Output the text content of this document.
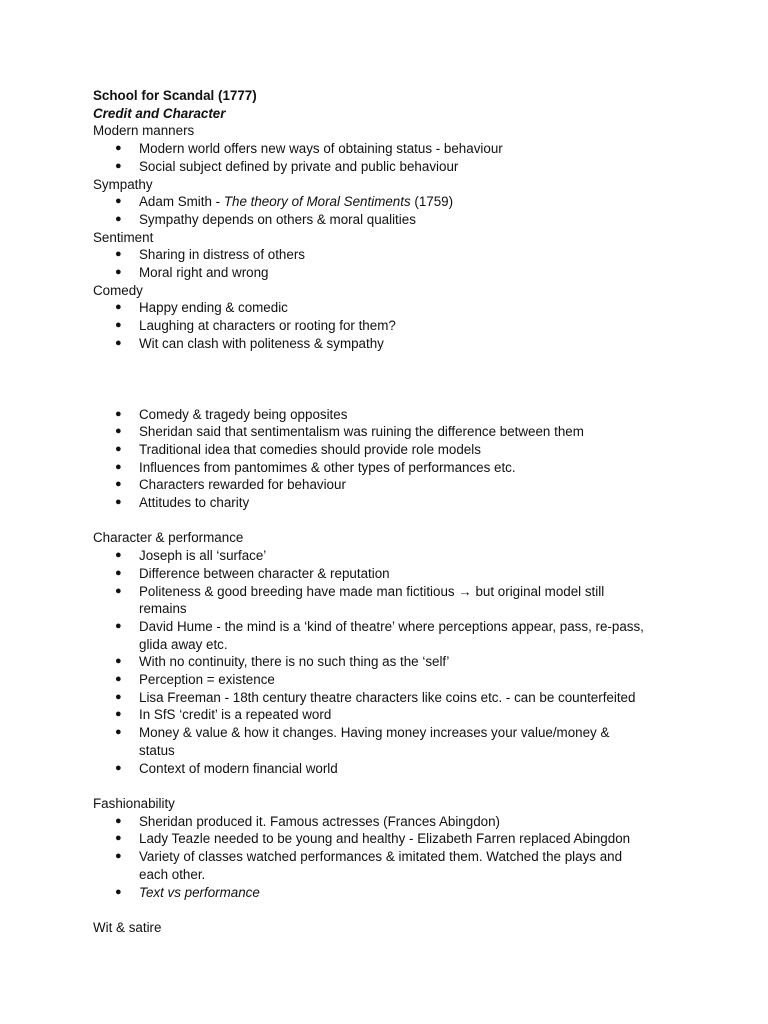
School for Scandal (1777)
Credit and Character
Modern manners
● Modern world offers new ways of obtaining status - behaviour
● Social subject defined by private and public behaviour
Sympathy
● Adam Smith - The theory of Moral Sentiments (1759)
● Sympathy depends on others & moral qualities
Sentiment
● Sharing in distress of others
● Moral right and wrong
Comedy
● Happy ending & comedic
● Laughing at characters or rooting for them?
● Wit can clash with politeness & sympathy
● Comedy & tragedy being opposites
● Sheridan said that sentimentalism was ruining the difference between them
● Traditional idea that comedies should provide role models
● Influences from pantomimes & other types of performances etc.
● Characters rewarded for behaviour
● Attitudes to charity
Character & performance
● Joseph is all ‘surface’
● Difference between character & reputation
● Politeness & good breeding have made man fictitious → but original model still
remains
● David Hume - the mind is a ‘kind of theatre’ where perceptions appear, pass, re-pass,
glida away etc.
● With no continuity, there is no such thing as the ‘self’
● Perception = existence
● Lisa Freeman - 18th century theatre characters like coins etc. - can be counterfeited
● In SfS ‘credit’ is a repeated word
● Money & value & how it changes. Having money increases your value/money &
status
● Context of modern financial world
Fashionability
● Sheridan produced it. Famous actresses (Frances Abingdon)
● Lady Teazle needed to be young and healthy - Elizabeth Farren replaced Abingdon
● Variety of classes watched performances & imitated them. Watched the plays and
each other.
● Text vs performance
Wit & satire
